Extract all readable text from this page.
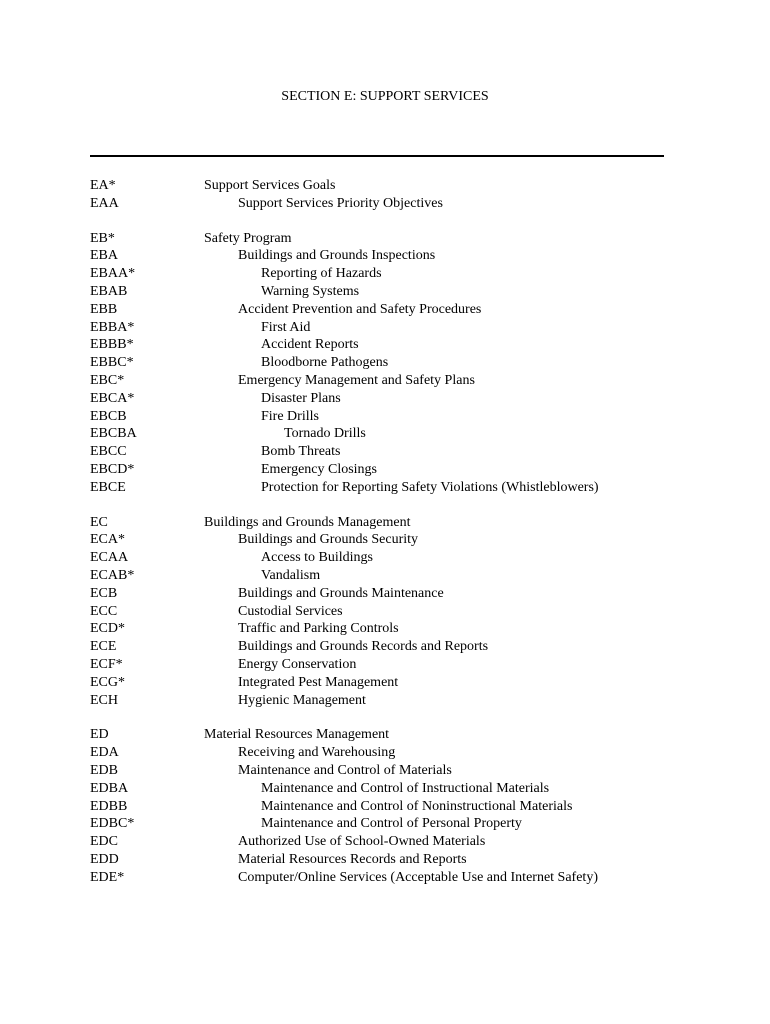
SECTION E: SUPPORT SERVICES
EA*	Support Services Goals
EAA	Support Services Priority Objectives
EB*	Safety Program
EBA	Buildings and Grounds Inspections
EBAA*	Reporting of Hazards
EBAB	Warning Systems
EBB	Accident Prevention and Safety Procedures
EBBA*	First Aid
EBBB*	Accident Reports
EBBC*	Bloodborne Pathogens
EBC*	Emergency Management and Safety Plans
EBCA*	Disaster Plans
EBCB	Fire Drills
EBCBA	Tornado Drills
EBCC	Bomb Threats
EBCD*	Emergency Closings
EBCE	Protection for Reporting Safety Violations (Whistleblowers)
EC	Buildings and Grounds Management
ECA*	Buildings and Grounds Security
ECAA	Access to Buildings
ECAB*	Vandalism
ECB	Buildings and Grounds Maintenance
ECC	Custodial Services
ECD*	Traffic and Parking Controls
ECE	Buildings and Grounds Records and Reports
ECF*	Energy Conservation
ECG*	Integrated Pest Management
ECH	Hygienic Management
ED	Material Resources Management
EDA	Receiving and Warehousing
EDB	Maintenance and Control of Materials
EDBA	Maintenance and Control of Instructional Materials
EDBB	Maintenance and Control of Noninstructional Materials
EDBC*	Maintenance and Control of Personal Property
EDC	Authorized Use of School-Owned Materials
EDD	Material Resources Records and Reports
EDE*	Computer/Online Services (Acceptable Use and Internet Safety)
